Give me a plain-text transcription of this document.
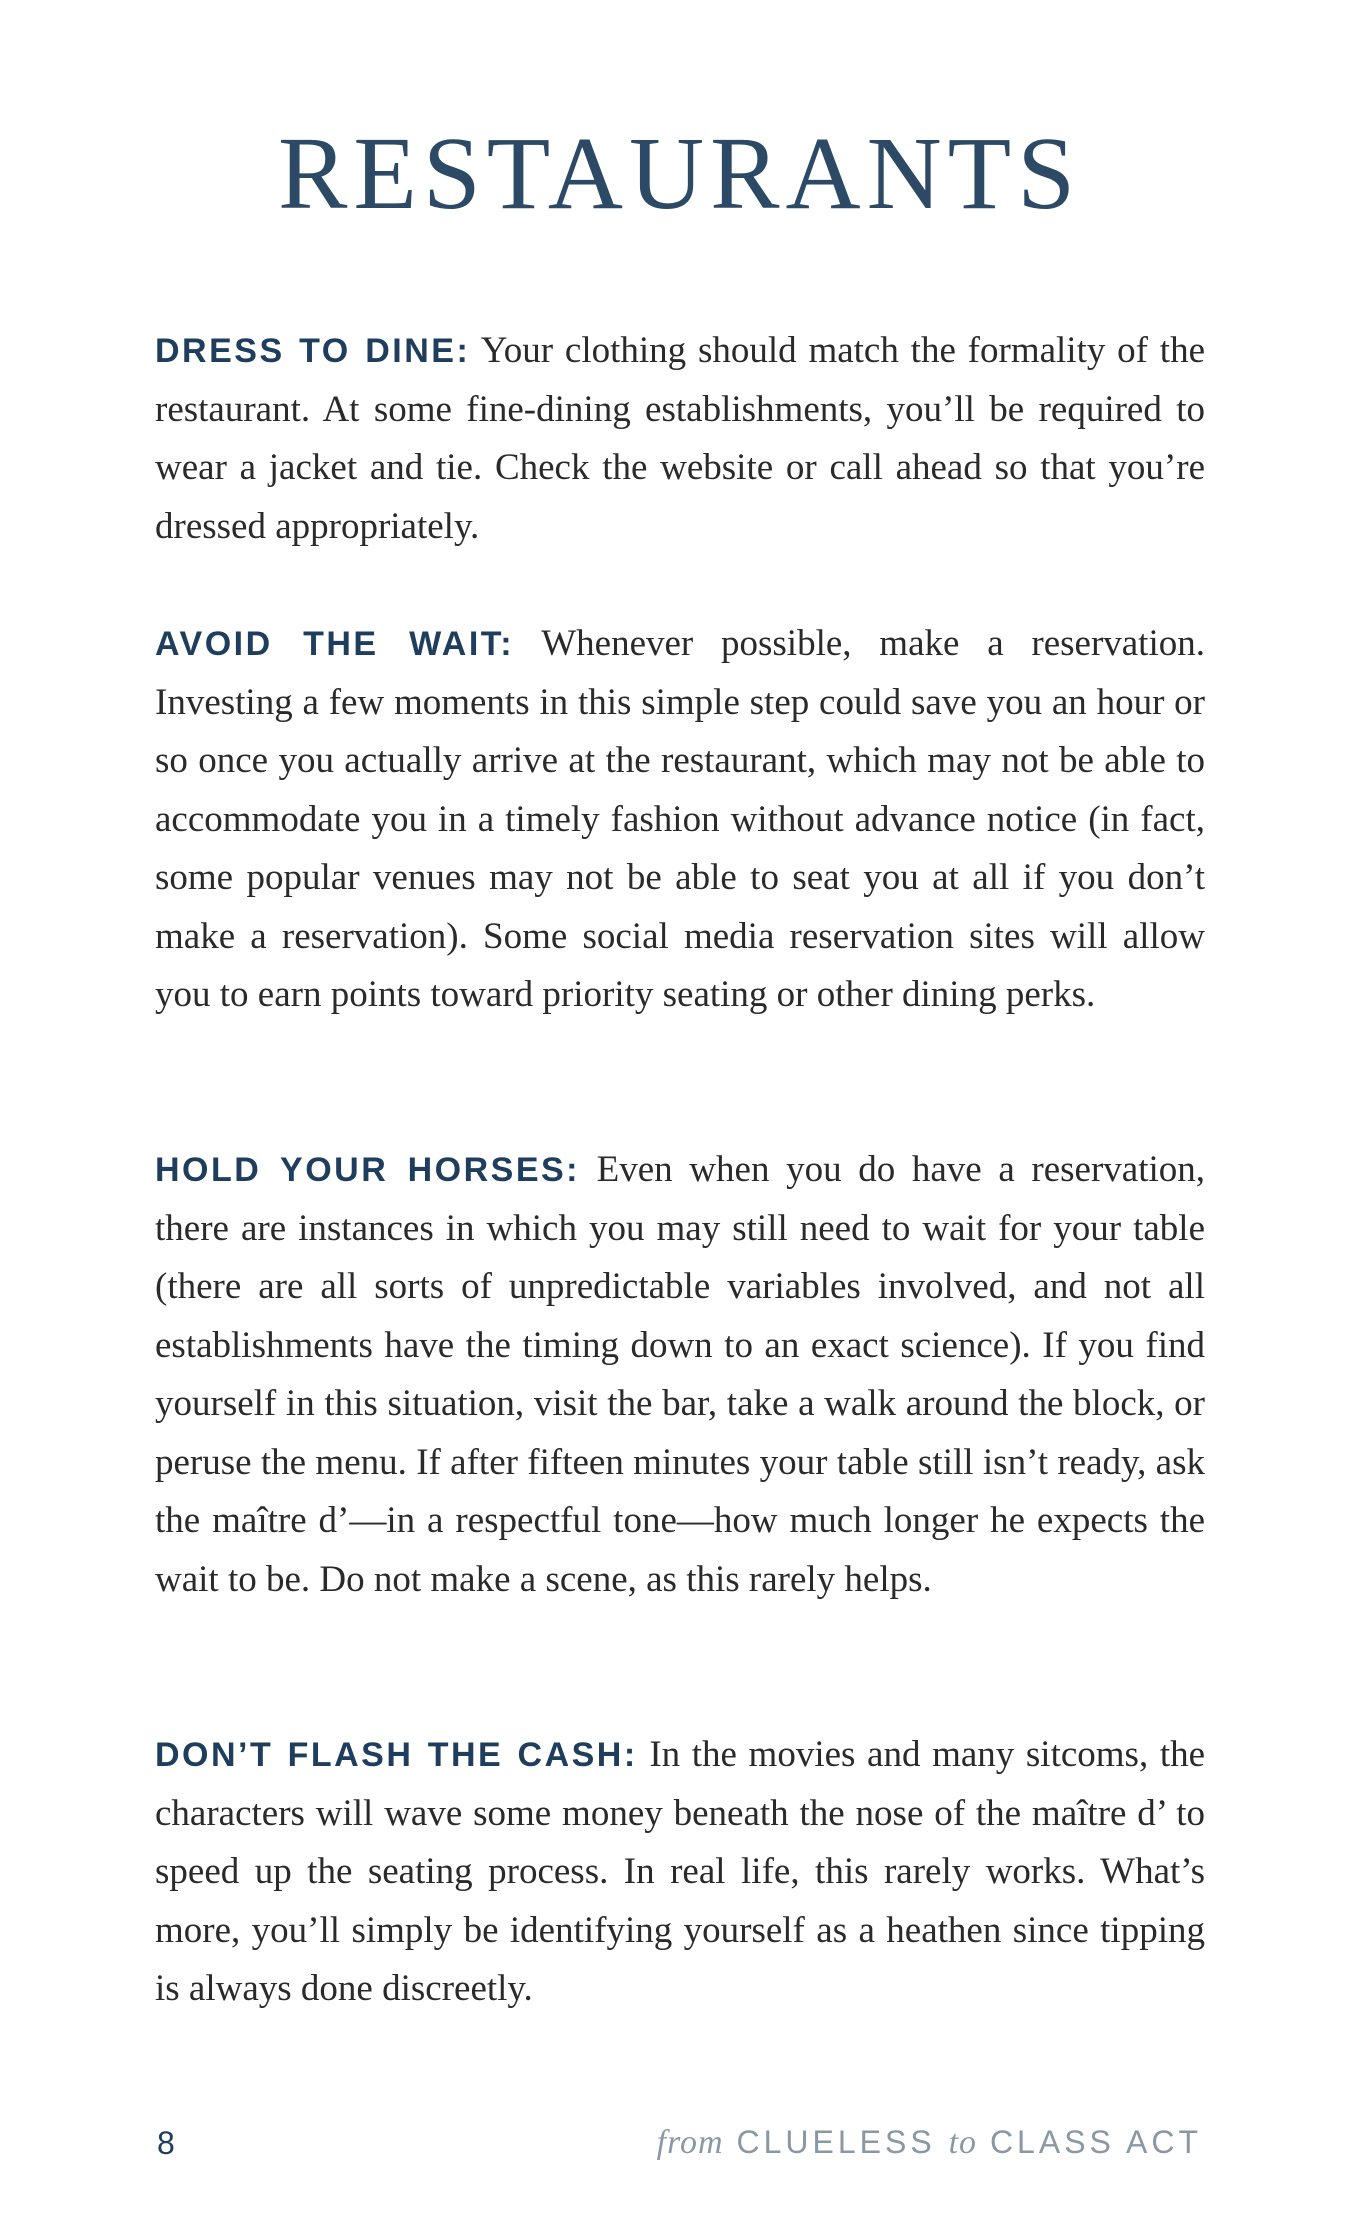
RESTAURANTS

DRESS TO DINE: Your clothing should match the formality of the restaurant. At some fine-dining establishments, you’ll be required to wear a jacket and tie. Check the website or call ahead so that you’re dressed appropriately.

AVOID THE WAIT: Whenever possible, make a reservation. Investing a few moments in this simple step could save you an hour or so once you actually arrive at the restaurant, which may not be able to accommodate you in a timely fashion without advance notice (in fact, some popular venues may not be able to seat you at all if you don’t make a reservation). Some social media reservation sites will allow you to earn points toward priority seating or other dining perks.

HOLD YOUR HORSES: Even when you do have a reservation, there are instances in which you may still need to wait for your table (there are all sorts of unpredictable variables involved, and not all establishments have the timing down to an exact science). If you find yourself in this situation, visit the bar, take a walk around the block, or peruse the menu. If after fifteen minutes your table still isn’t ready, ask the maître d’—in a respectful tone—how much longer he expects the wait to be. Do not make a scene, as this rarely helps.

DON’T FLASH THE CASH: In the movies and many sitcoms, the characters will wave some money beneath the nose of the maître d’ to speed up the seating process. In real life, this rarely works. What’s more, you’ll simply be identifying yourself as a heathen since tipping is always done discreetly.

8	from CLUELESS to CLASS ACT
